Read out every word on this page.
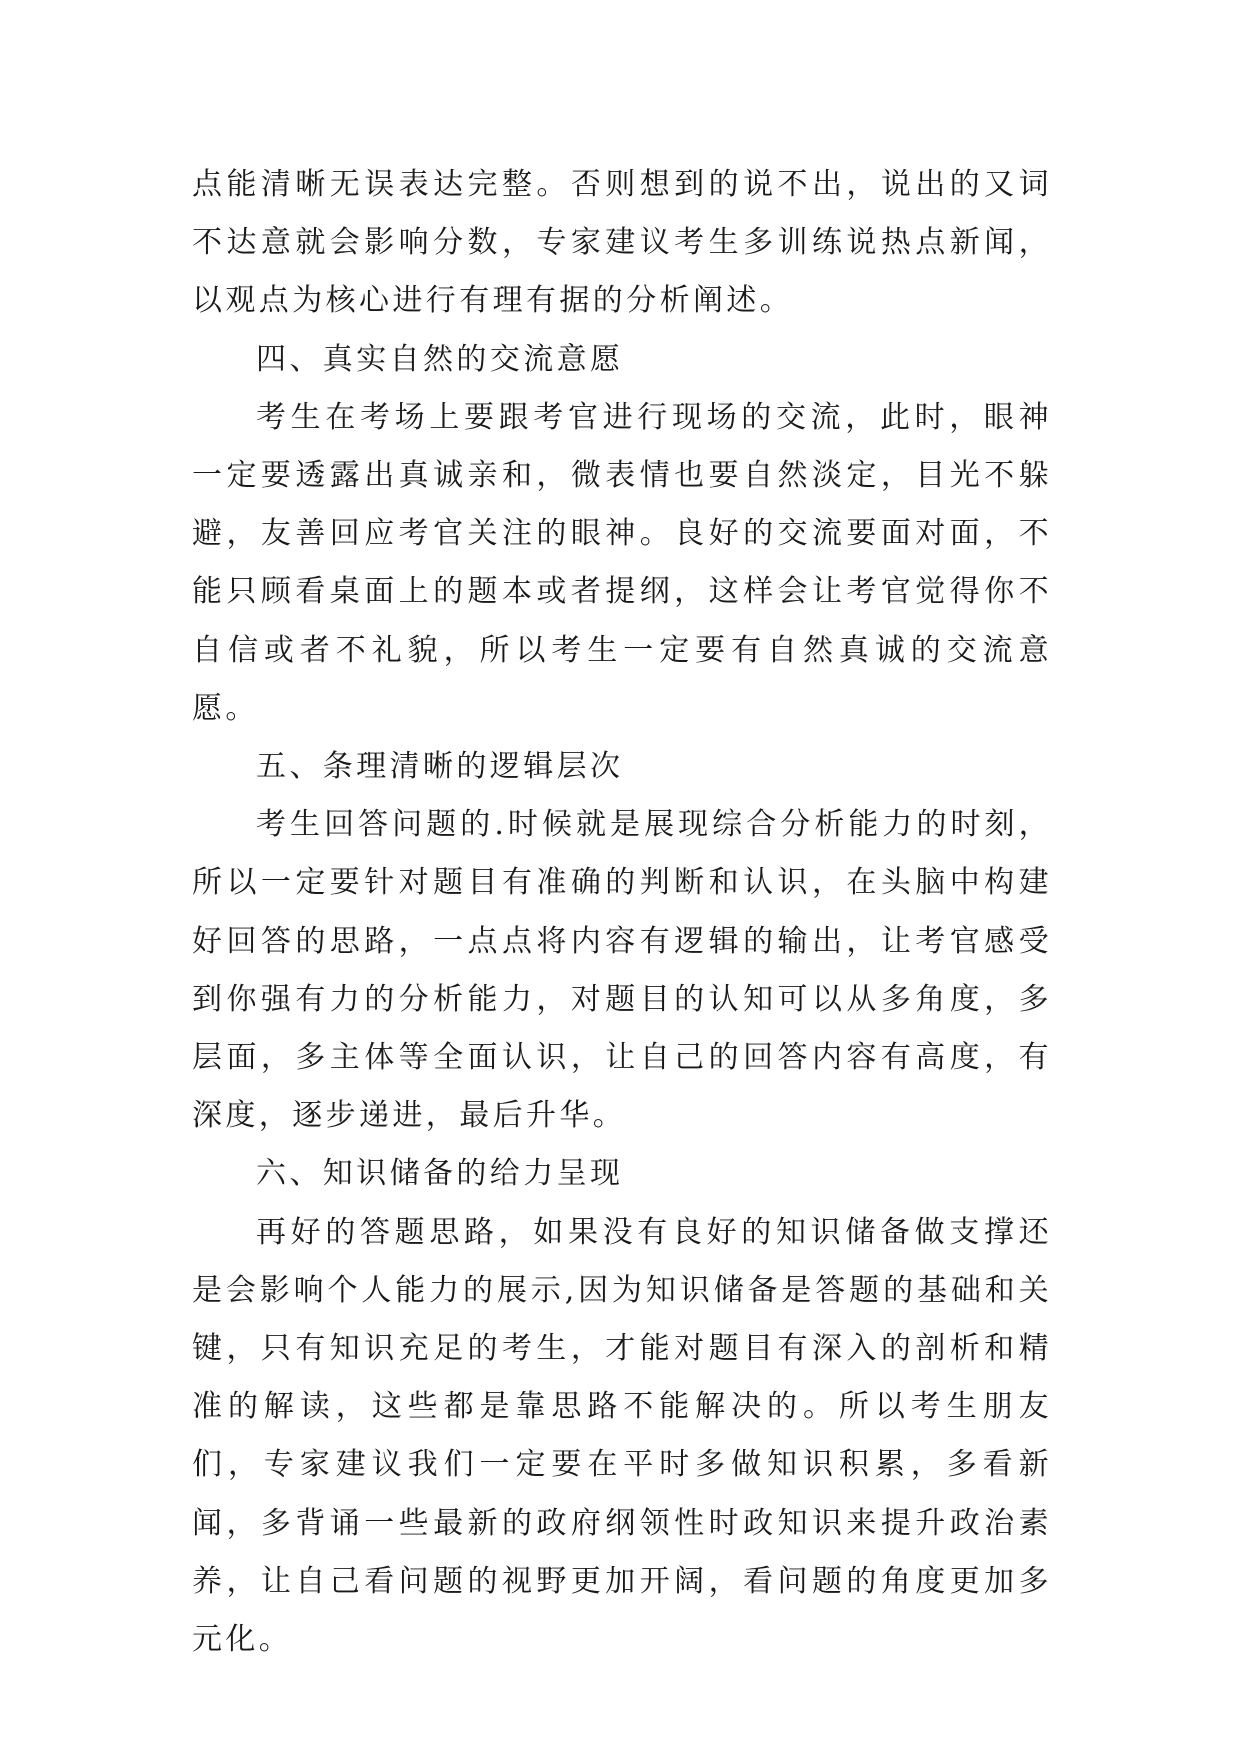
点能清晰无误表达完整。否则想到的说不出，说出的又词不达意就会影响分数，专家建议考生多训练说热点新闻，以观点为核心进行有理有据的分析阐述。

四、真实自然的交流意愿

考生在考场上要跟考官进行现场的交流，此时，眼神一定要透露出真诚亲和，微表情也要自然淡定，目光不躲避，友善回应考官关注的眼神。良好的交流要面对面，不能只顾看桌面上的题本或者提纲，这样会让考官觉得你不自信或者不礼貌，所以考生一定要有自然真诚的交流意愿。

五、条理清晰的逻辑层次

考生回答问题的.时候就是展现综合分析能力的时刻，所以一定要针对题目有准确的判断和认识，在头脑中构建好回答的思路，一点点将内容有逻辑的输出，让考官感受到你强有力的分析能力，对题目的认知可以从多角度，多层面，多主体等全面认识，让自己的回答内容有高度，有深度，逐步递进，最后升华。

六、知识储备的给力呈现

再好的答题思路，如果没有良好的知识储备做支撑还是会影响个人能力的展示,因为知识储备是答题的基础和关键，只有知识充足的考生，才能对题目有深入的剖析和精准的解读，这些都是靠思路不能解决的。所以考生朋友们，专家建议我们一定要在平时多做知识积累，多看新闻，多背诵一些最新的政府纲领性时政知识来提升政治素养，让自己看问题的视野更加开阔，看问题的角度更加多元化。
